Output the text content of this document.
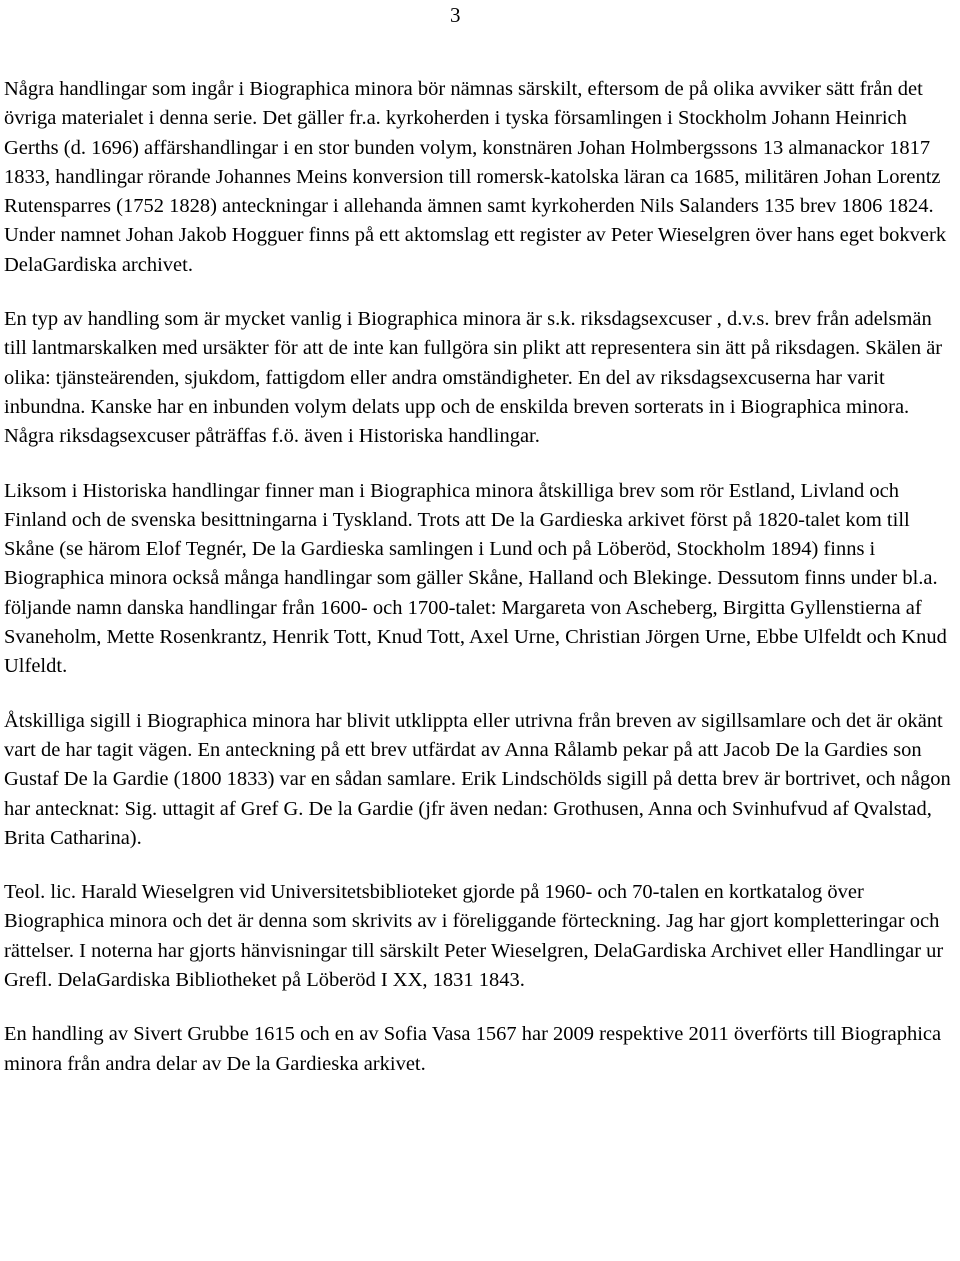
3

Några handlingar som ingår i Biographica minora bör nämnas särskilt, eftersom de på olika avviker sätt från det övriga materialet i denna serie. Det gäller fr.a. kyrkoherden i tyska församlingen i Stockholm Johann Heinrich Gerths (d. 1696) affärshandlingar i en stor bunden volym, konstnären Johan Holmbergssons 13 almanackor 1817 1833, handlingar rörande Johannes Meins konversion till romersk-katolska läran ca 1685, militären Johan Lorentz Rutensparres (1752 1828) anteckningar i allehanda ämnen samt kyrkoherden Nils Salanders 135 brev 1806 1824. Under namnet Johan Jakob Hogguer finns på ett aktomslag ett register av Peter Wieselgren över hans eget bokverk DelaGardiska archivet.

En typ av handling som är mycket vanlig i Biographica minora är s.k. riksdagsexcuser , d.v.s. brev från adelsmän till lantmarskalken med ursäkter för att de inte kan fullgöra sin plikt att representera sin ätt på riksdagen. Skälen är olika: tjänsteärenden, sjukdom, fattigdom eller andra omständigheter. En del av riksdagsexcuserna har varit inbundna. Kanske har en inbunden volym delats upp och de enskilda breven sorterats in i Biographica minora. Några riksdagsexcuser påträffas f.ö. även i Historiska handlingar.

Liksom i Historiska handlingar finner man i Biographica minora åtskilliga brev som rör Estland, Livland och Finland och de svenska besittningarna i Tyskland. Trots att De la Gardieska arkivet först på 1820-talet kom till Skåne (se härom Elof Tegnér, De la Gardieska samlingen i Lund och på Löberöd, Stockholm 1894) finns i Biographica minora också många handlingar som gäller Skåne, Halland och Blekinge. Dessutom finns under bl.a. följande namn danska handlingar från 1600- och 1700-talet: Margareta von Ascheberg, Birgitta Gyllenstierna af Svaneholm, Mette Rosenkrantz, Henrik Tott, Knud Tott, Axel Urne, Christian Jörgen Urne, Ebbe Ulfeldt och Knud Ulfeldt.

Åtskilliga sigill i Biographica minora har blivit utklippta eller utrivna från breven av sigillsamlare och det är okänt vart de har tagit vägen. En anteckning på ett brev utfärdat av Anna Rålamb pekar på att Jacob De la Gardies son Gustaf De la Gardie (1800 1833) var en sådan samlare. Erik Lindschölds sigill på detta brev är bortrivet, och någon har antecknat: Sig. uttagit af Gref G. De la Gardie (jfr även nedan: Grothusen, Anna och Svinhufvud af Qvalstad, Brita Catharina).

Teol. lic. Harald Wieselgren vid Universitetsbiblioteket gjorde på 1960- och 70-talen en kortkatalog över Biographica minora och det är denna som skrivits av i föreliggande förteckning. Jag har gjort kompletteringar och rättelser. I noterna har gjorts hänvisningar till särskilt Peter Wieselgren, DelaGardiska Archivet eller Handlingar ur Grefl. DelaGardiska Bibliotheket på Löberöd I XX, 1831 1843.

En handling av Sivert Grubbe 1615 och en av Sofia Vasa 1567 har 2009 respektive 2011 överförts till Biographica minora från andra delar av De la Gardieska arkivet.
